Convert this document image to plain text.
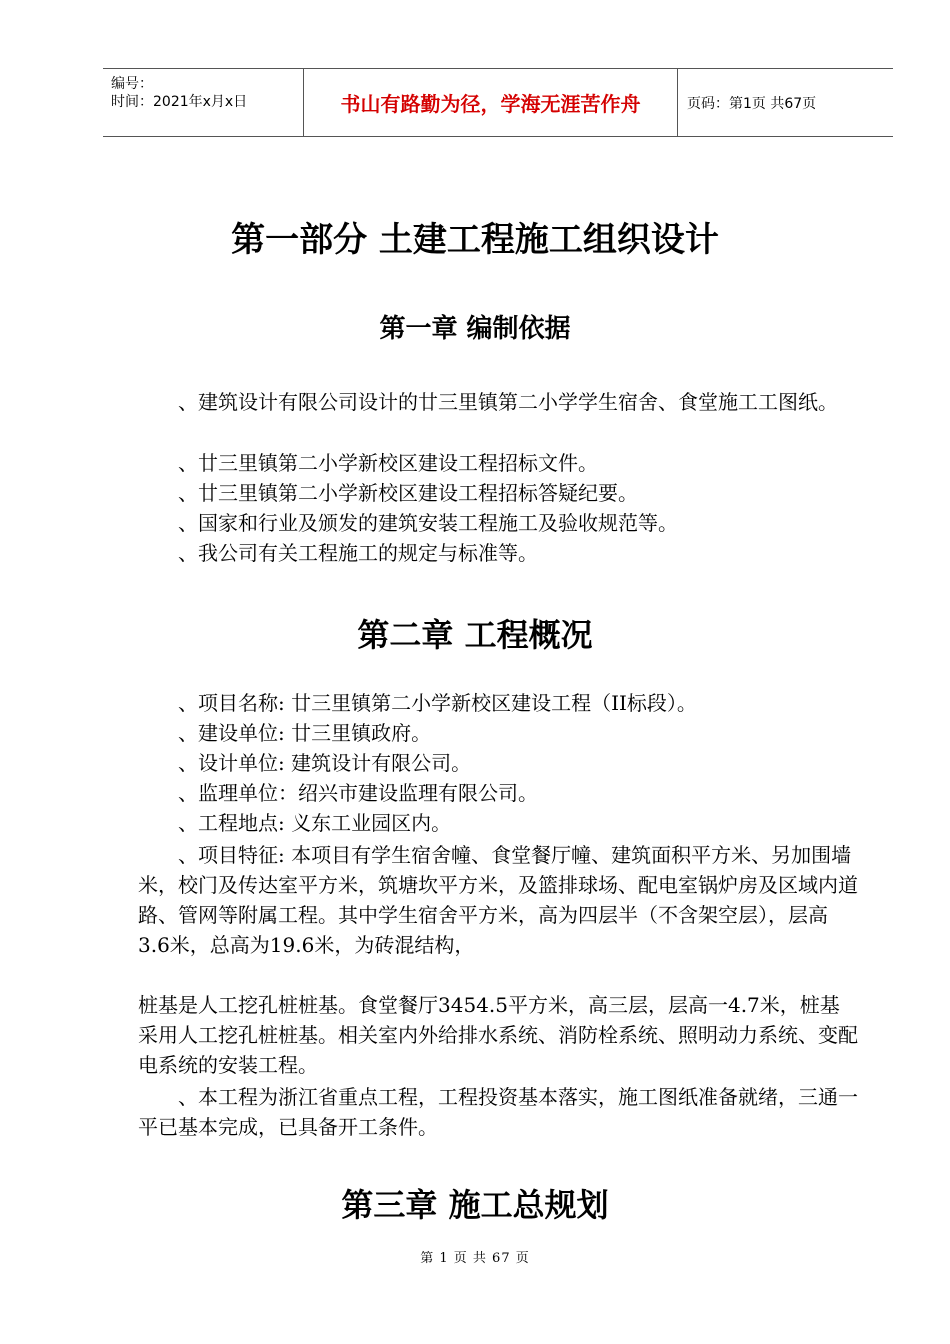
编号：
时间：2021年x月x日	书山有路勤为径，学海无涯苦作舟	页码：第1页 共67页
第一部分 土建工程施工组织设计
第一章 编制依据

、建筑设计有限公司设计的廿三里镇第二小学学生宿舍、食堂施工工图纸。

、廿三里镇第二小学新校区建设工程招标文件。

、廿三里镇第二小学新校区建设工程招标答疑纪要。

、国家和行业及颁发的建筑安装工程施工及验收规范等。

、我公司有关工程施工的规定与标准等。

第二章 工程概况

、项目名称: 廿三里镇第二小学新校区建设工程（II标段）。

、建设单位: 廿三里镇政府。

、设计单位: 建筑设计有限公司。

、监理单位：绍兴市建设监理有限公司。

、工程地点: 义东工业园区内。

、项目特征: 本项目有学生宿舍幢、食堂餐厅幢、建筑面积平方米、另加围墙米，校门及传达室平方米，筑塘坎平方米，及篮排球场、配电室锅炉房及区域内道路、管网等附属工程。其中学生宿舍平方米，高为四层半（不含架空层），层高3.6米，总高为19.6米，为砖混结构，

桩基是人工挖孔桩桩基。食堂餐厅3454.5平方米，高三层，层高一4.7米，桩基采用人工挖孔桩桩基。相关室内外给排水系统、消防栓系统、照明动力系统、变配电系统的安装工程。

、本工程为浙江省重点工程，工程投资基本落实，施工图纸准备就绪，三通一平已基本完成，已具备开工条件。

第三章 施工总规划
第 1 页 共 67 页
